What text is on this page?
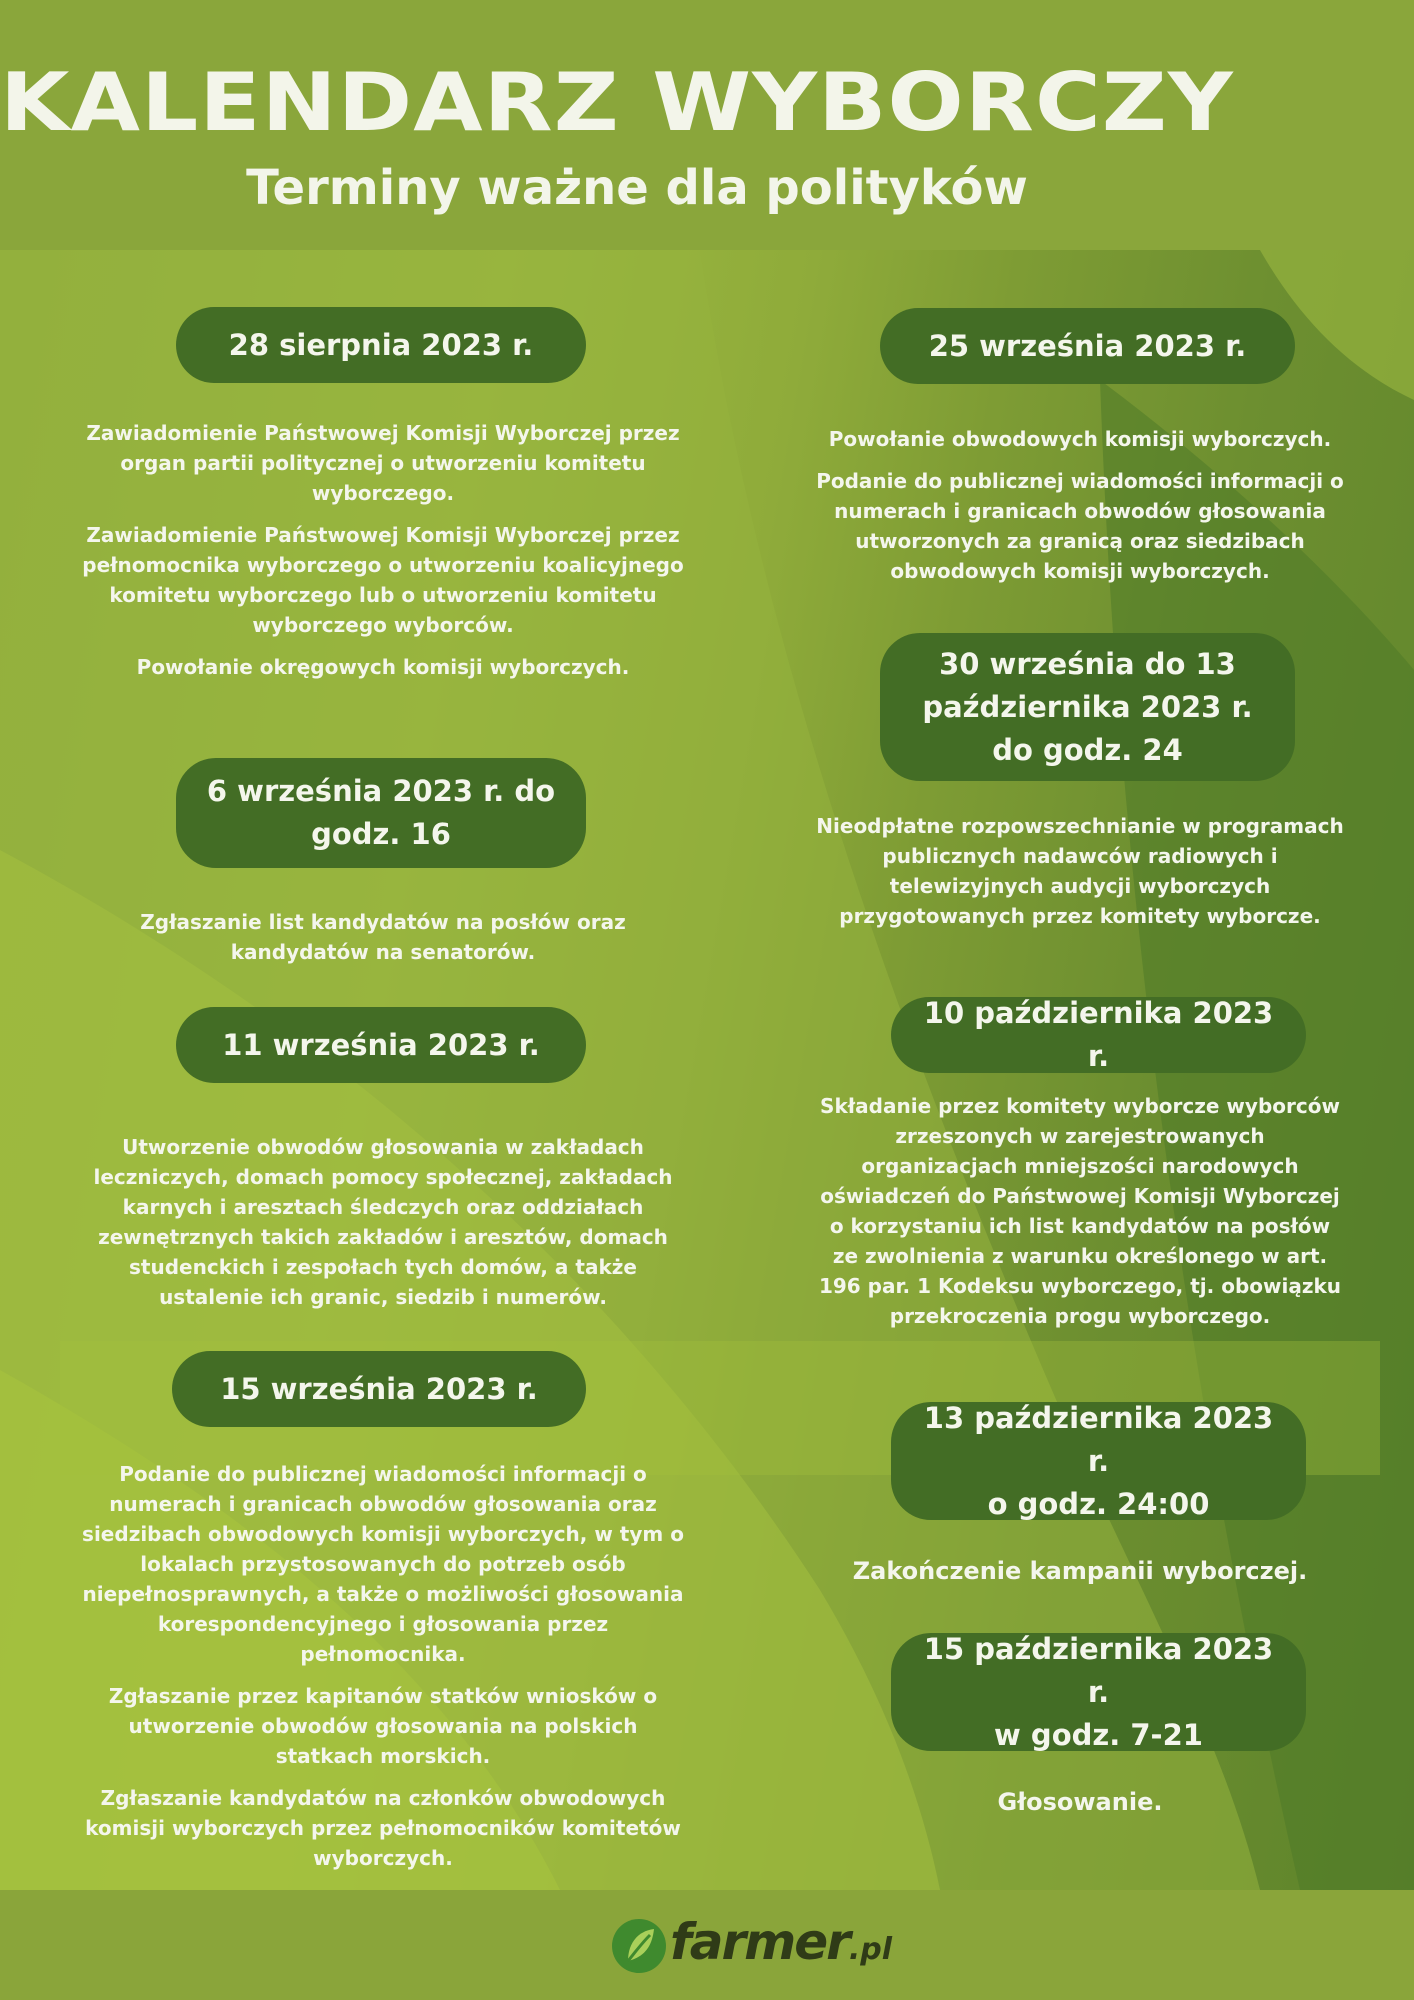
KALENDARZ WYBORCZY
Terminy ważne dla polityków
28 sierpnia 2023 r.

Zawiadomienie Państwowej Komisji Wyborczej przez organ partii politycznej o utworzeniu komitetu wyborczego.

Zawiadomienie Państwowej Komisji Wyborczej przez pełnomocnika wyborczego o utworzeniu koalicyjnego komitetu wyborczego lub o utworzeniu komitetu wyborczego wyborców.

Powołanie okręgowych komisji wyborczych.

6 września 2023 r. do
godz. 16

Zgłaszanie list kandydatów na posłów oraz kandydatów na senatorów.

11 września 2023 r.

Utworzenie obwodów głosowania w zakładach leczniczych, domach pomocy społecznej, zakładach karnych i aresztach śledczych oraz oddziałach zewnętrznych takich zakładów i aresztów, domach studenckich i zespołach tych domów, a także ustalenie ich granic, siedzib i numerów.

15 września 2023 r.

Podanie do publicznej wiadomości informacji o numerach i granicach obwodów głosowania oraz siedzibach obwodowych komisji wyborczych, w tym o lokalach przystosowanych do potrzeb osób niepełnosprawnych, a także o możliwości głosowania korespondencyjnego i głosowania przez pełnomocnika.

Zgłaszanie przez kapitanów statków wniosków o utworzenie obwodów głosowania na polskich statkach morskich.

Zgłaszanie kandydatów na członków obwodowych komisji wyborczych przez pełnomocników komitetów wyborczych.

25 września 2023 r.

Powołanie obwodowych komisji wyborczych.

Podanie do publicznej wiadomości informacji o numerach i granicach obwodów głosowania utworzonych za granicą oraz siedzibach obwodowych komisji wyborczych.

30 września do 13
października 2023 r.
do godz. 24

Nieodpłatne rozpowszechnianie w programach publicznych nadawców radiowych i telewizyjnych audycji wyborczych przygotowanych przez komitety wyborcze.

10 października 2023 r.

Składanie przez komitety wyborcze wyborców zrzeszonych w zarejestrowanych organizacjach mniejszości narodowych oświadczeń do Państwowej Komisji Wyborczej o korzystaniu ich list kandydatów na posłów ze zwolnienia z warunku określonego w art. 196 par. 1 Kodeksu wyborczego, tj. obowiązku przekroczenia progu wyborczego.

13 października 2023 r.
o godz. 24:00

Zakończenie kampanii wyborczej.

15 października 2023 r.
w godz. 7-21

Głosowanie.

farmer.pl
